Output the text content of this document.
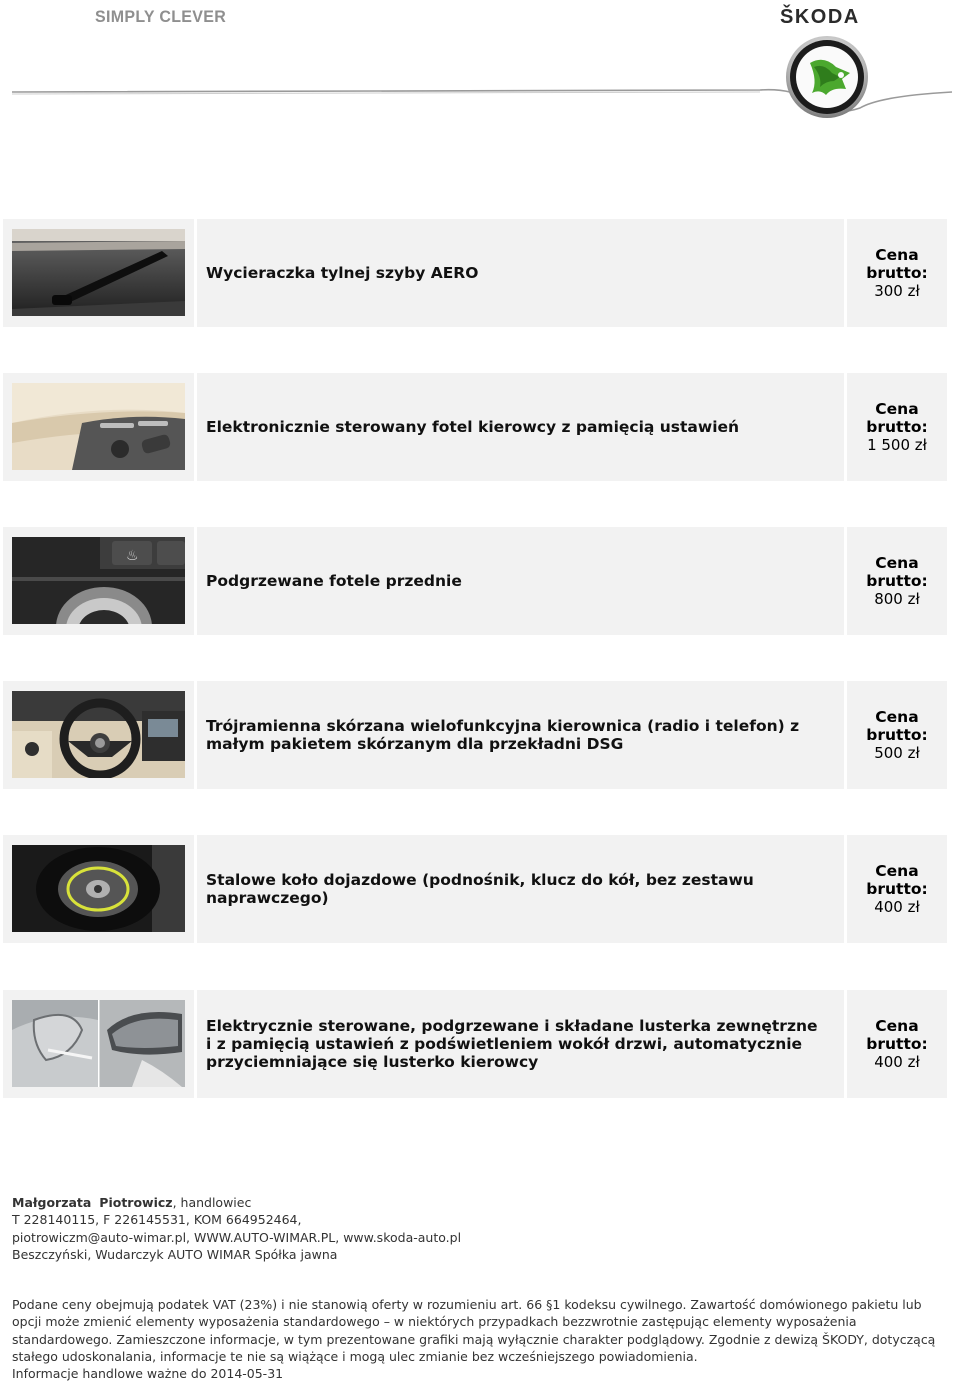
SIMPLY CLEVER	ŠKODA
Wycieraczka tylnej szyby AERO
Cena brutto:
300 zł
Elektronicznie sterowany fotel kierowcy z pamięcią ustawień
Cena brutto:
1 500 zł
♨
Podgrzewane fotele przednie
Cena brutto:
800 zł
Trójramienna skórzana wielofunkcyjna kierownica (radio i telefon) z małym pakietem skórzanym dla przekładni DSG
Cena brutto:
500 zł
Stalowe koło dojazdowe (podnośnik, klucz do kół, bez zestawu naprawczego)
Cena brutto:
400 zł
Elektrycznie sterowane, podgrzewane i składane lusterka zewnętrzne i z pamięcią ustawień z podświetleniem wokół drzwi, automatycznie przyciemniające się lusterko kierowcy
Cena brutto:
400 zł
Małgorzata Piotrowicz, handlowiec
T 228140115, F 226145531, KOM 664952464,
piotrowiczm@auto-wimar.pl, WWW.AUTO-WIMAR.PL, www.skoda-auto.pl
Beszczyński, Wudarczyk AUTO WIMAR Spółka jawna
Podane ceny obejmują podatek VAT (23%) i nie stanowią oferty w rozumieniu art. 66 §1 kodeksu cywilnego. Zawartość domówionego pakietu lub opcji może zmienić elementy wyposażenia standardowego – w niektórych przypadkach bezzwrotnie zastępując elementy wyposażenia standardowego. Zamieszczone informacje, w tym prezentowane grafiki mają wyłącznie charakter podglądowy. Zgodnie z dewizą ŠKODY, dotyczącą stałego udoskonalania, informacje te nie są wiążące i mogą ulec zmianie bez wcześniejszego powiadomienia.
Informacje handlowe ważne do 2014-05-31
